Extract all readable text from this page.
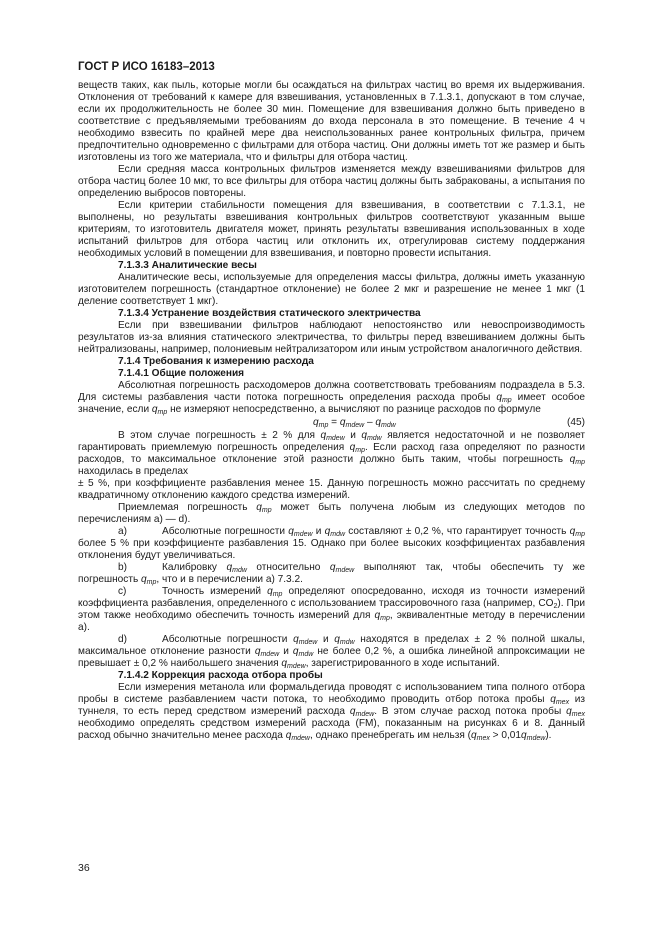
ГОСТ Р ИСО 16183–2013

веществ таких, как пыль, которые могли бы осаждаться на фильтрах частиц во время их выдерживания. Отклонения от требований к камере для взвешивания, установленных в 7.1.3.1, допускают в том случае, если их продолжительность не более 30 мин. Помещение для взвешивания должно быть приведено в соответствие с предъявляемыми требованиям до входа персонала в это помещение. В течение 4 ч необходимо взвесить по крайней мере два неиспользованных ранее контрольных фильтра, причем предпочтительно одновременно с фильтрами для отбора частиц. Они должны иметь тот же размер и быть изготовлены из того же материала, что и фильтры для отбора частиц.

Если средняя масса контрольных фильтров изменяется между взвешиваниями фильтров для отбора частиц более 10 мкг, то все фильтры для отбора частиц должны быть забракованы, а испытания по определению выбросов повторены.

Если критерии стабильности помещения для взвешивания, в соответствии с 7.1.3.1, не выполнены, но результаты взвешивания контрольных фильтров соответствуют указанным выше критериям, то изготовитель двигателя может, принять результаты взвешивания использованных в ходе испытаний фильтров для отбора частиц или отклонить их, отрегулировав систему поддержания необходимых условий в помещении для взвешивания, и повторно провести испытания.

7.1.3.3 Аналитические весы

Аналитические весы, используемые для определения массы фильтра, должны иметь указанную изготовителем погрешность (стандартное отклонение) не более 2 мкг и разрешение не менее 1 мкг (1 деление соответствует 1 мкг).

7.1.3.4 Устранение воздействия статического электричества

Если при взвешивании фильтров наблюдают непостоянство или невоспроизводимость результатов из-за влияния статического электричества, то фильтры перед взвешиванием должны быть нейтрализованы, например, полониевым нейтрализатором или иным устройством аналогичного действия.

7.1.4 Требования к измерению расхода

7.1.4.1 Общие положения

Абсолютная погрешность расходомеров должна соответствовать требованиям подраздела в 5.3. Для системы разбавления части потока погрешность определения расхода пробы $q_{mp}$ имеет особое значение, если $q_{mp}$ не измеряют непосредственно, а вычисляют по разнице расходов по формуле

$q_{mp} = q_{mdew} - q_{mdw}$	(45)

В этом случае погрешность ± 2 % для $q_{mdew}$ и $q_{mdw}$ является недостаточной и не позволяет гарантировать приемлемую погрешность определения $q_{mp}$. Если расход газа определяют по разности расходов, то максимальное отклонение этой разности должно быть таким, чтобы погрешность $q_{mp}$ находилась в пределах

± 5 %, при коэффициенте разбавления менее 15. Данную погрешность можно рассчитать по среднему квадратичному отклонению каждого средства измерений.

Приемлемая погрешность $q_{mp}$ может быть получена любым из следующих методов по перечислениям а) — d).

a)	Абсолютные погрешности $q_{mdew}$ и $q_{mdw}$ составляют ± 0,2 %, что гарантирует точность $q_{mp}$ более 5 % при коэффициенте разбавления 15. Однако при более высоких коэффициентах разбавления отклонения будут увеличиваться.

b)	Калибровку $q_{mdw}$ относительно $q_{mdew}$ выполняют так, чтобы обеспечить ту же погрешность $q_{mp}$, что и в перечислении а) 7.3.2.

c)	Точность измерений $q_{mp}$ определяют опосредованно, исходя из точности измерений коэффициента разбавления, определенного с использованием трассировочного газа (например, $CO_2$). При этом также необходимо обеспечить точность измерений для $q_{mp}$, эквивалентные методу в перечислении а).

d)	Абсолютные погрешности $q_{mdew}$ и $q_{mdw}$ находятся в пределах ± 2 % полной шкалы, максимальное отклонение разности $q_{mdew}$ и $q_{mdw}$ не более 0,2 %, а ошибка линейной аппроксимации не превышает ± 0,2 % наибольшего значения $q_{mdew}$, зарегистрированного в ходе испытаний.

7.1.4.2 Коррекция расхода отбора пробы

Если измерения метанола или формальдегида проводят с использованием типа полного отбора пробы в системе разбавлением части потока, то необходимо проводить отбор потока пробы $q_{mex}$ из туннеля, то есть перед средством измерений расхода $q_{mdew}$. В этом случае расход потока пробы $q_{mex}$ необходимо определять средством измерений расхода (FM), показанным на рисунках 6 и 8. Данный расход обычно значительно менее расхода $q_{mdew}$, однако пренебрегать им нельзя $(q_{mex} > 0,01q_{mdew})$.

36
